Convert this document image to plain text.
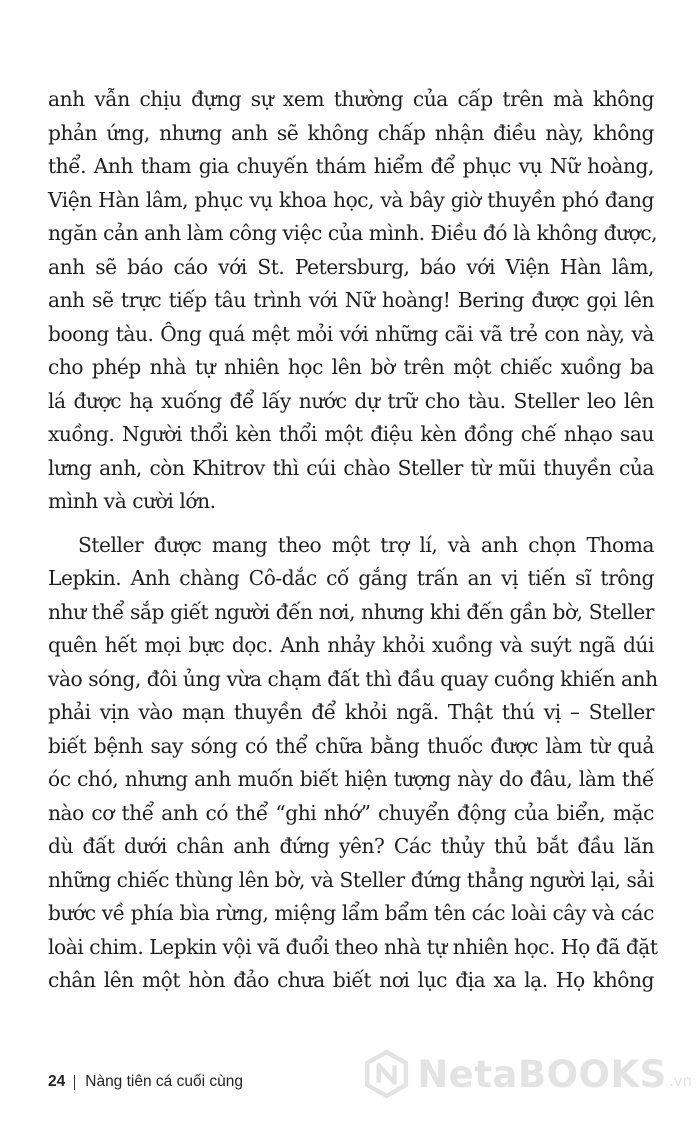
anh vẫn chịu đựng sự xem thường của cấp trên mà không
phản ứng, nhưng anh sẽ không chấp nhận điều này, không
thể. Anh tham gia chuyến thám hiểm để phục vụ Nữ hoàng,
Viện Hàn lâm, phục vụ khoa học, và bây giờ thuyền phó đang
ngăn cản anh làm công việc của mình. Điều đó là không được,
anh sẽ báo cáo với St. Petersburg, báo với Viện Hàn lâm,
anh sẽ trực tiếp tâu trình với Nữ hoàng! Bering được gọi lên
boong tàu. Ông quá mệt mỏi với những cãi vã trẻ con này, và
cho phép nhà tự nhiên học lên bờ trên một chiếc xuồng ba
lá được hạ xuống để lấy nước dự trữ cho tàu. Steller leo lên
xuồng. Người thổi kèn thổi một điệu kèn đồng chế nhạo sau
lưng anh, còn Khitrov thì cúi chào Steller từ mũi thuyền của
mình và cười lớn.
Steller được mang theo một trợ lí, và anh chọn Thoma
Lepkin. Anh chàng Cô-dắc cố gắng trấn an vị tiến sĩ trông
như thể sắp giết người đến nơi, nhưng khi đến gần bờ, Steller
quên hết mọi bực dọc. Anh nhảy khỏi xuồng và suýt ngã dúi
vào sóng, đôi ủng vừa chạm đất thì đầu quay cuồng khiến anh
phải vịn vào mạn thuyền để khỏi ngã. Thật thú vị – Steller
biết bệnh say sóng có thể chữa bằng thuốc được làm từ quả
óc chó, nhưng anh muốn biết hiện tượng này do đâu, làm thế
nào cơ thể anh có thể “ghi nhớ” chuyển động của biển, mặc
dù đất dưới chân anh đứng yên? Các thủy thủ bắt đầu lăn
những chiếc thùng lên bờ, và Steller đứng thẳng người lại, sải
bước về phía bìa rừng, miệng lẩm bẩm tên các loài cây và các
loài chim. Lepkin vội vã đuổi theo nhà tự nhiên học. Họ đã đặt
chân lên một hòn đảo chưa biết nơi lục địa xa lạ. Họ không
24 Nàng tiên cá cuối cùng	NetaBOOKS .vn
